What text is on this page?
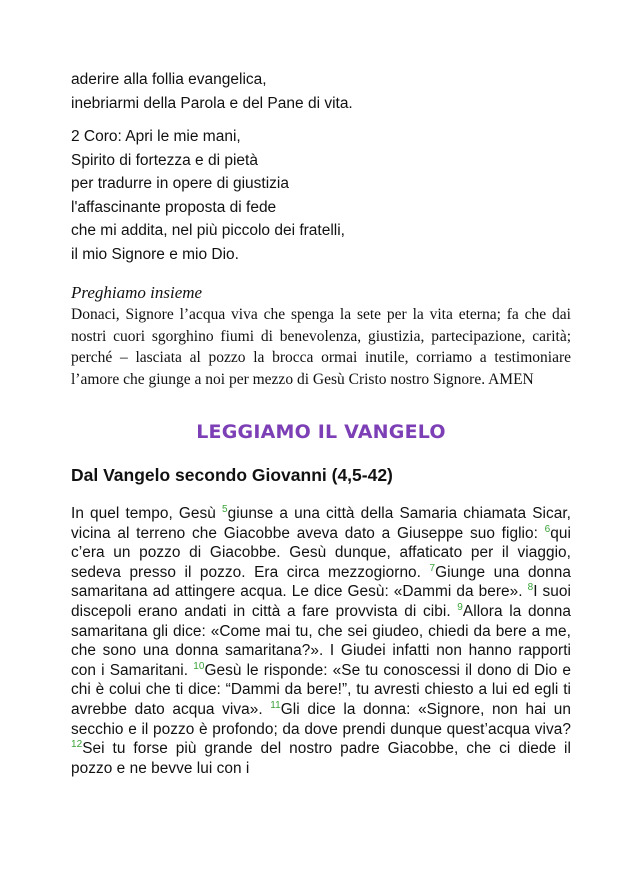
aderire alla follia evangelica,
inebriarmi della Parola e del Pane di vita.
2 Coro: Apri le mie mani,
Spirito di fortezza e di pietà
per tradurre in opere di giustizia
l'affascinante proposta di fede
che mi addita, nel più piccolo dei fratelli,
il mio Signore e mio Dio.

Preghiamo insieme

Donaci, Signore l’acqua viva che spenga la sete per la vita eterna; fa che dai nostri cuori sgorghino fiumi di benevolenza, giustizia, partecipazione, carità; perché – lasciata al pozzo la brocca ormai inutile, corriamo a testimoniare l’amore che giunge a noi per mezzo di Gesù Cristo nostro Signore. AMEN

LEGGIAMO IL VANGELO
Dal Vangelo secondo Giovanni (4,5-42)
In quel tempo, Gesù $^5$giunse a una città della Samaria chiamata Sicar, vicina al terreno che Giacobbe aveva dato a Giuseppe suo figlio: $^6$qui c’era un pozzo di Giacobbe. Gesù dunque, affaticato per il viaggio, sedeva presso il pozzo. Era circa mezzogiorno. $^7$Giunge una donna samaritana ad attingere acqua. Le dice Gesù: «Dammi da bere». $^8$I suoi discepoli erano andati in città a fare provvista di cibi. $^9$Allora la donna samaritana gli dice: «Come mai tu, che sei giudeo, chiedi da bere a me, che sono una donna samaritana?». I Giudei infatti non hanno rapporti con i Samaritani. $^{10}$Gesù le risponde: «Se tu conoscessi il dono di Dio e chi è colui che ti dice: “Dammi da bere!”, tu avresti chiesto a lui ed egli ti avrebbe dato acqua viva». $^{11}$Gli dice la donna: «Signore, non hai un secchio e il pozzo è profondo; da dove prendi dunque quest’acqua viva? $^{12}$Sei tu forse più grande del nostro padre Giacobbe, che ci diede il pozzo e ne bevve lui con i
